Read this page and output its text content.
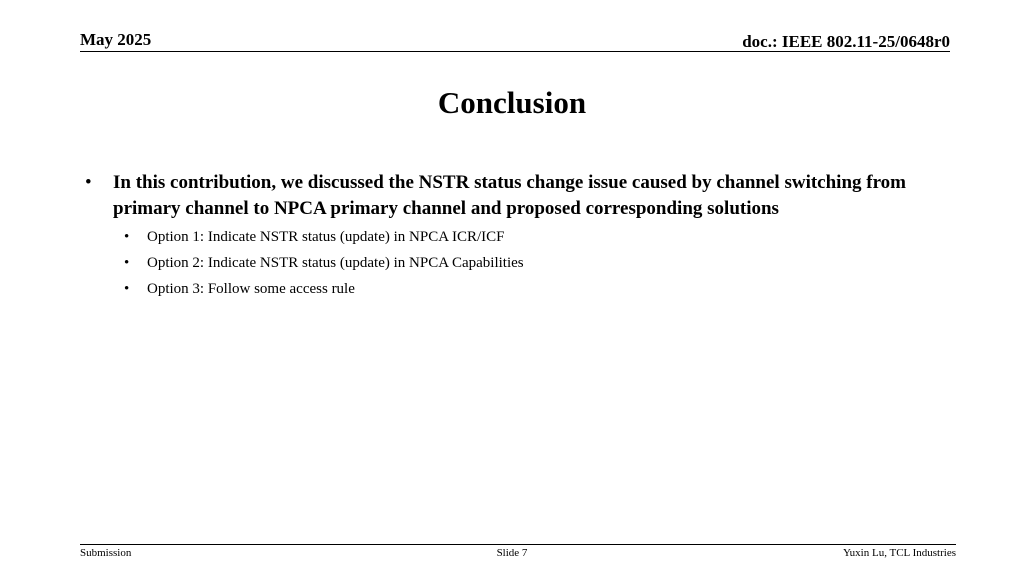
May 2025	doc.: IEEE 802.11-25/0648r0
Conclusion
• In this contribution, we discussed the NSTR status change issue caused by channel switching from primary channel to NPCA primary channel and proposed corresponding solutions
• Option 1: Indicate NSTR status (update) in NPCA ICR/ICF
• Option 2: Indicate NSTR status (update) in NPCA Capabilities
• Option 3: Follow some access rule
Submission	Slide 7	Yuxin Lu, TCL Industries
